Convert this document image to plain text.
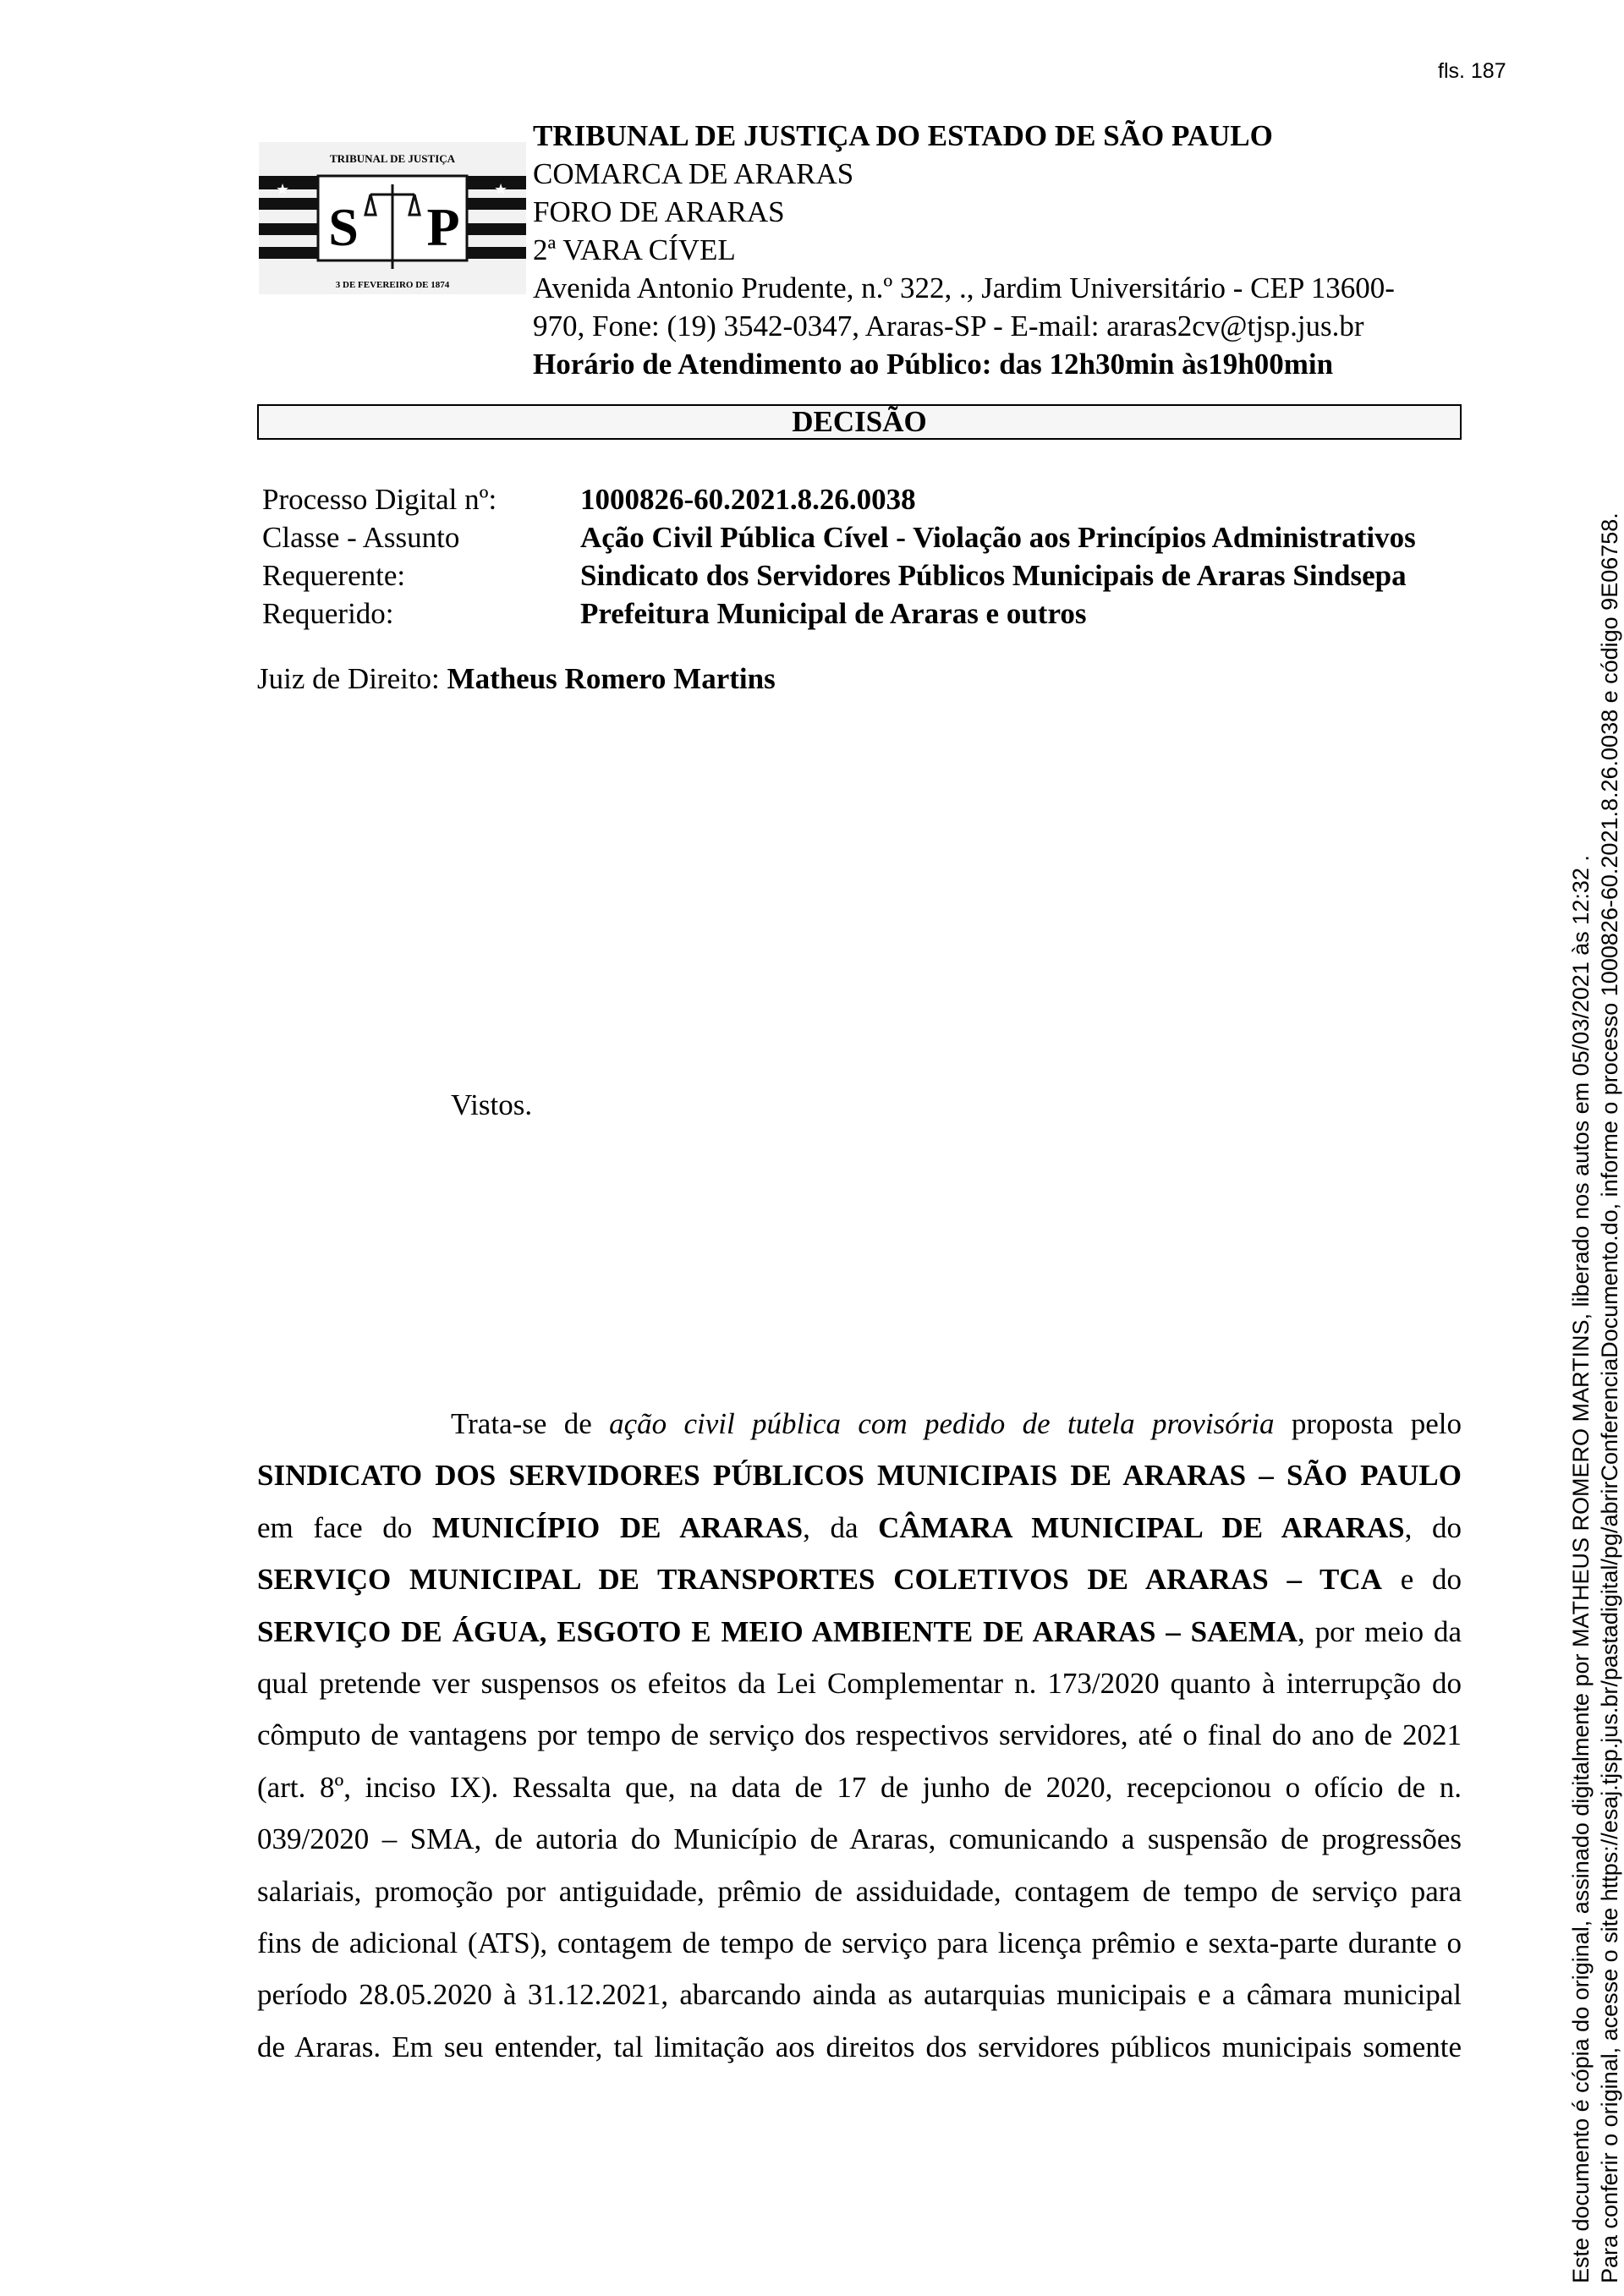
fls. 187
TRIBUNAL DE JUSTIÇA
S P
★	★
3 DE FEVEREIRO DE 1874
TRIBUNAL DE JUSTIÇA DO ESTADO DE SÃO PAULO
COMARCA DE ARARAS
FORO DE ARARAS
2ª VARA CÍVEL
Avenida Antonio Prudente, n.º 322, ., Jardim Universitário - CEP 13600-
970, Fone: (19) 3542-0347, Araras-SP - E-mail: araras2cv@tjsp.jus.br
Horário de Atendimento ao Público: das 12h30min às19h00min
DECISÃO
Processo Digital nº:	1000826-60.2021.8.26.0038
Classe - Assunto	Ação Civil Pública Cível - Violação aos Princípios Administrativos
Requerente:	Sindicato dos Servidores Públicos Municipais de Araras Sindsepa
Requerido:	Prefeitura Municipal de Araras e outros
Juiz de Direito: Matheus Romero Martins
Vistos.
Trata-se de ação civil pública com pedido de tutela provisória proposta pelo
SINDICATO DOS SERVIDORES PÚBLICOS MUNICIPAIS DE ARARAS – SÃO PAULO
em face do MUNICÍPIO DE ARARAS, da CÂMARA MUNICIPAL DE ARARAS, do
SERVIÇO MUNICIPAL DE TRANSPORTES COLETIVOS DE ARARAS – TCA e do
SERVIÇO DE ÁGUA, ESGOTO E MEIO AMBIENTE DE ARARAS – SAEMA, por meio da
qual pretende ver suspensos os efeitos da Lei Complementar n. 173/2020 quanto à interrupção do
cômputo de vantagens por tempo de serviço dos respectivos servidores, até o final do ano de 2021
(art. 8º, inciso IX). Ressalta que, na data de 17 de junho de 2020, recepcionou o ofício de n.
039/2020 – SMA, de autoria do Município de Araras, comunicando a suspensão de progressões
salariais, promoção por antiguidade, prêmio de assiduidade, contagem de tempo de serviço para
fins de adicional (ATS), contagem de tempo de serviço para licença prêmio e sexta-parte durante o
período 28.05.2020 à 31.12.2021, abarcando ainda as autarquias municipais e a câmara municipal
de Araras. Em seu entender, tal limitação aos direitos dos servidores públicos municipais somente	Este documento é cópia do original, assinado digitalmente por MATHEUS ROMERO MARTINS, liberado nos autos em 05/03/2021 às 12:32 . Para conferir o original, acesse o site https://esaj.tjsp.jus.br/pastadigital/pg/abrirConferenciaDocumento.do, informe o processo 1000826-60.2021.8.26.0038 e código 9E06758.
